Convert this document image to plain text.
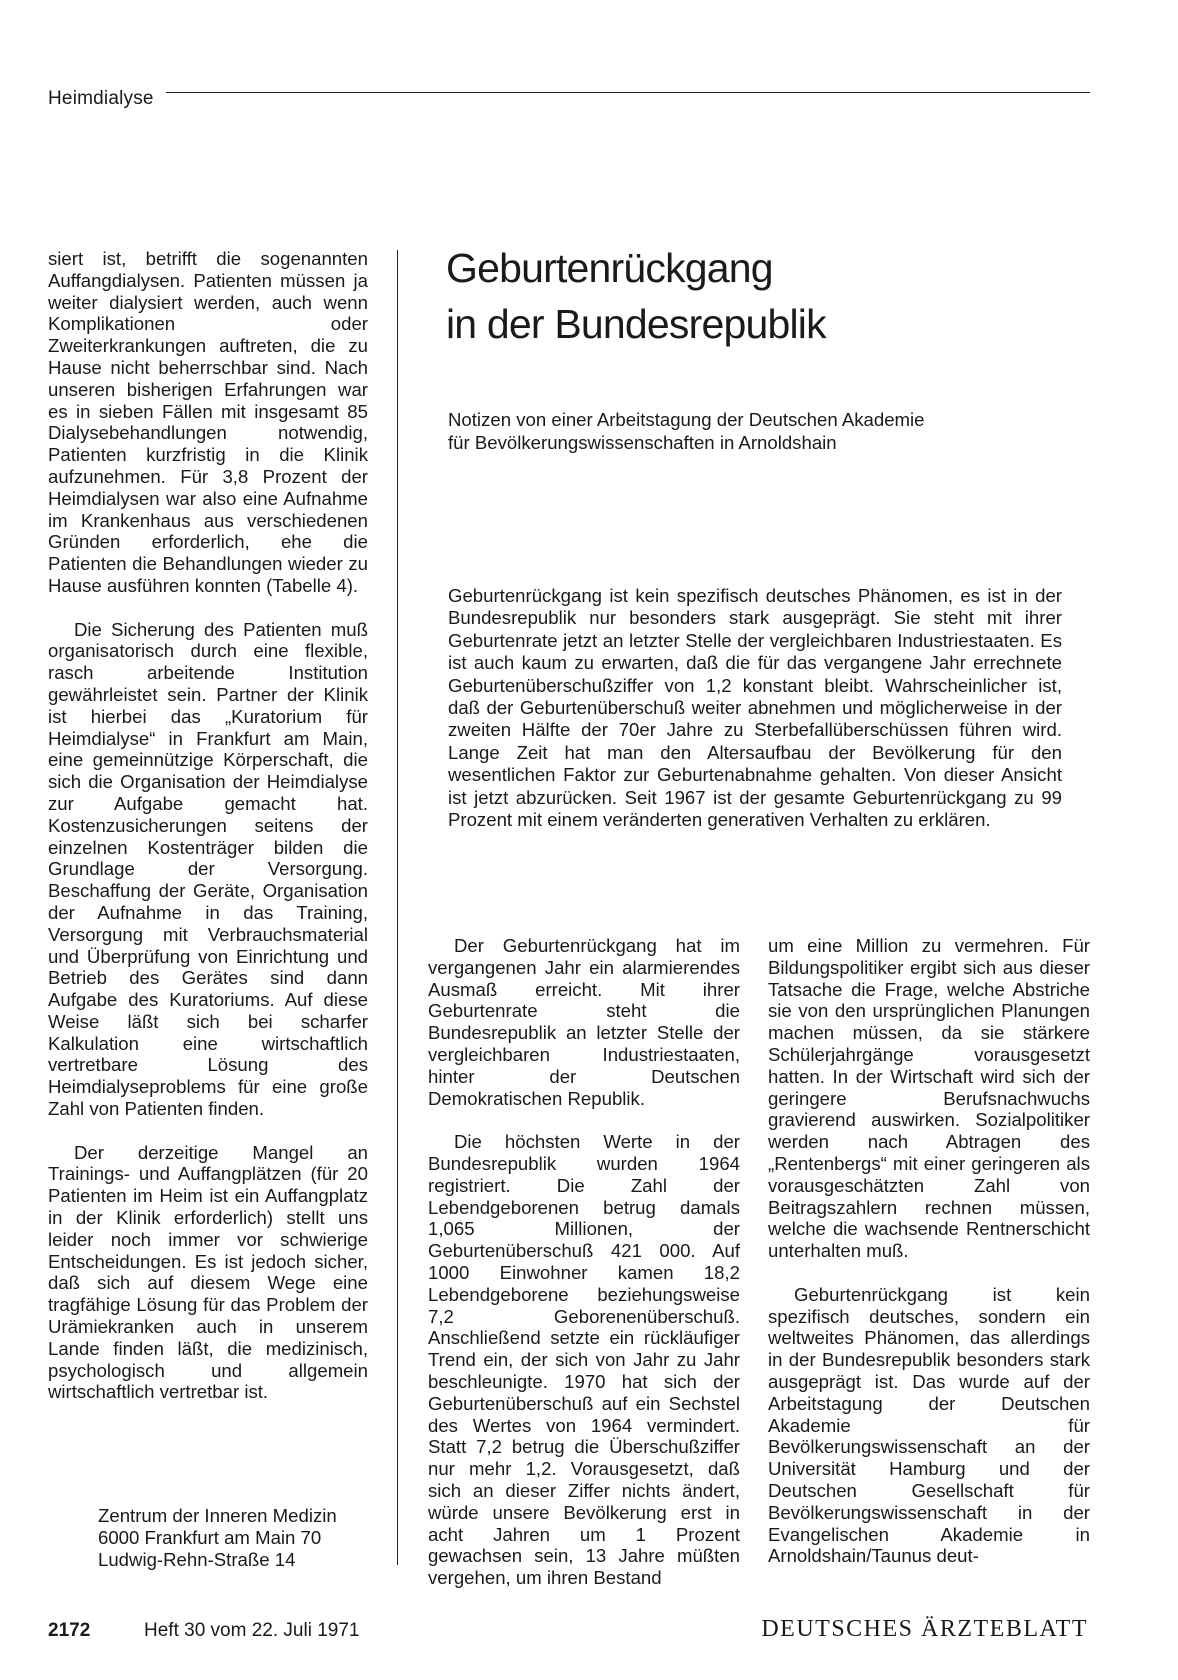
Heimdialyse

siert ist, betrifft die sogenannten Auffangdialysen. Patienten müssen ja weiter dialysiert werden, auch wenn Komplikationen oder Zweiterkrankungen auftreten, die zu Hause nicht beherrschbar sind. Nach unseren bisherigen Erfahrungen war es in sieben Fällen mit insgesamt 85 Dialysebehandlungen notwendig, Patienten kurzfristig in die Klinik aufzunehmen. Für 3,8 Prozent der Heimdialysen war also eine Aufnahme im Krankenhaus aus verschiedenen Gründen erforderlich, ehe die Patienten die Behandlungen wieder zu Hause ausführen konnten (Tabelle 4).

Die Sicherung des Patienten muß organisatorisch durch eine flexible, rasch arbeitende Institution gewährleistet sein. Partner der Klinik ist hierbei das „Kuratorium für Heimdialyse“ in Frankfurt am Main, eine gemeinnützige Körperschaft, die sich die Organisation der Heimdialyse zur Aufgabe gemacht hat. Kostenzusicherungen seitens der einzelnen Kostenträger bilden die Grundlage der Versorgung. Beschaffung der Geräte, Organisation der Aufnahme in das Training, Versorgung mit Verbrauchsmaterial und Überprüfung von Einrichtung und Betrieb des Gerätes sind dann Aufgabe des Kuratoriums. Auf diese Weise läßt sich bei scharfer Kalkulation eine wirtschaftlich vertretbare Lösung des Heimdialyseproblems für eine große Zahl von Patienten finden.

Der derzeitige Mangel an Trainings- und Auffangplätzen (für 20 Patienten im Heim ist ein Auffangplatz in der Klinik erforderlich) stellt uns leider noch immer vor schwierige Entscheidungen. Es ist jedoch sicher, daß sich auf diesem Wege eine tragfähige Lösung für das Problem der Urämiekranken auch in unserem Lande finden läßt, die medizinisch, psychologisch und allgemein wirtschaftlich vertretbar ist.

Zentrum der Inneren Medizin
6000 Frankfurt am Main 70
Ludwig-Rehn-Straße 14
Geburtenrückgang
in der Bundesrepublik

Notizen von einer Arbeitstagung der Deutschen Akademie
für Bevölkerungswissenschaften in Arnoldshain

Geburtenrückgang ist kein spezifisch deutsches Phänomen, es ist in der Bundesrepublik nur besonders stark ausgeprägt. Sie steht mit ihrer Geburtenrate jetzt an letzter Stelle der vergleichbaren Industriestaaten. Es ist auch kaum zu erwarten, daß die für das vergangene Jahr errechnete Geburtenüberschußziffer von 1,2 konstant bleibt. Wahrscheinlicher ist, daß der Geburtenüberschuß weiter abnehmen und möglicherweise in der zweiten Hälfte der 70er Jahre zu Sterbefallüberschüssen führen wird. Lange Zeit hat man den Altersaufbau der Bevölkerung für den wesentlichen Faktor zur Geburtenabnahme gehalten. Von dieser Ansicht ist jetzt abzurücken. Seit 1967 ist der gesamte Geburtenrückgang zu 99 Prozent mit einem veränderten generativen Verhalten zu erklären.

Der Geburtenrückgang hat im vergangenen Jahr ein alarmierendes Ausmaß erreicht. Mit ihrer Geburtenrate steht die Bundesrepublik an letzter Stelle der vergleichbaren Industriestaaten, hinter der Deutschen Demokratischen Republik.

Die höchsten Werte in der Bundesrepublik wurden 1964 registriert. Die Zahl der Lebendgeborenen betrug damals 1,065 Millionen, der Geburtenüberschuß 421 000. Auf 1000 Einwohner kamen 18,2 Lebendgeborene beziehungsweise 7,2 Geborenenüberschuß. Anschließend setzte ein rückläufiger Trend ein, der sich von Jahr zu Jahr beschleunigte. 1970 hat sich der Geburtenüberschuß auf ein Sechstel des Wertes von 1964 vermindert. Statt 7,2 betrug die Überschußziffer nur mehr 1,2. Vorausgesetzt, daß sich an dieser Ziffer nichts ändert, würde unsere Bevölkerung erst in acht Jahren um 1 Prozent gewachsen sein, 13 Jahre müßten vergehen, um ihren Bestand

um eine Million zu vermehren. Für Bildungspolitiker ergibt sich aus dieser Tatsache die Frage, welche Abstriche sie von den ursprünglichen Planungen machen müssen, da sie stärkere Schülerjahrgänge vorausgesetzt hatten. In der Wirtschaft wird sich der geringere Berufsnachwuchs gravierend auswirken. Sozialpolitiker werden nach Abtragen des „Rentenbergs“ mit einer geringeren als vorausgeschätzten Zahl von Beitragszahlern rechnen müssen, welche die wachsende Rentnerschicht unterhalten muß.

Geburtenrückgang ist kein spezifisch deutsches, sondern ein weltweites Phänomen, das allerdings in der Bundesrepublik besonders stark ausgeprägt ist. Das wurde auf der Arbeitstagung der Deutschen Akademie für Bevölkerungswissenschaft an der Universität Hamburg und der Deutschen Gesellschaft für Bevölkerungswissenschaft in der Evangelischen Akademie in Arnoldshain/Taunus deut-

2172	Heft 30 vom 22. Juli 1971	DEUTSCHES ÄRZTEBLATT
